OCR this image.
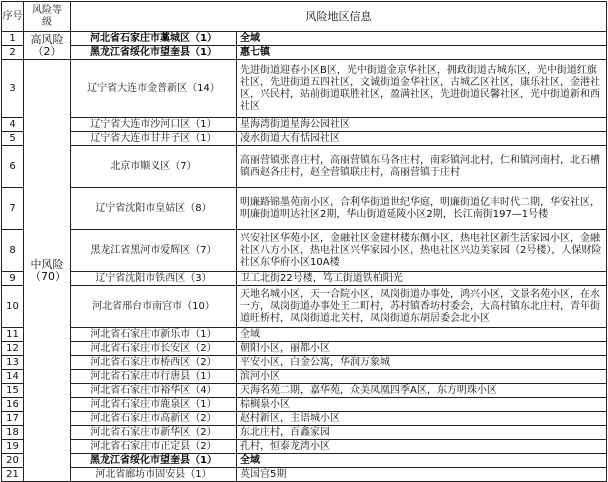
序号	风险等级	风险地区信息	
1	高风险（2）	河北省石家庄市藁城区（1）	全域
2		黑龙江省绥化市望奎县（1）	惠七镇
3	中风险（70）	辽宁省大连市金普新区（14）	先进街道迎春小区B区，光中街道金京华社区，拥政街道古城东区，光中街道红旗社区，先进街道五四社区，文诚街道金华社区，古城乙区社区，康乐社区，金港社区，兴民村，站前街道联胜社区，盈满社区，先进街道民馨社区，光中街道新和西社区
4		辽宁省大连市沙河口区（1）	星海湾街道星海公园社区
5		辽宁省大连市甘井子区（1）	凌水街道大有恬园社区
6		北京市顺义区（7）	高丽营镇张喜庄村，高丽营镇东马各庄村，南彩镇河北村，仁和镇河南村，北石槽镇西赵各庄村，赵全营镇联庄村，高丽营镇于庄村
7		辽宁省沈阳市皇姑区（8）	明廉路锦墨苑南小区，合利华街道世纪华庭，明廉街道亿丰时代二期，华安社区，明廉街道明达社区2期，华山街道延陵小区2期，长江南街197—1号楼
8		黑龙江省黑河市爱辉区（7）	兴安社区华苑小区，金融社区金建材楼东侧小区，热电社区新生活家园小区，金融社区八方小区，热电社区兴华家园小区，热电社区兴边美家园（2号楼），人保财险社区东华府小区10A楼
9		辽宁省沈阳市铁西区（3）	卫工北街22号楼，笃工街道铁柏阳光
10		河北省邢台市南宫市（10）	天地名城小区，天一合院小区，凤岗街道办事处，鸿兴小区，文景名苑小区，在水一方，凤岗街道办事处王二町村，苏村镇香坊村委会，大高村镇东北庄村，青年街道旺桥村，凤岗街道北关村，凤岗街道东胡居委会北小区
11		河北省石家庄市新乐市（1）	全域
12		河北省石家庄市长安区（2）	朝阳小区，丽都小区
13		河北省石家庄市桥西区（2）	平安小区，白金公寓，华润万象城
14		河北省石家庄市行唐县（1）	滨河小区
15		河北省石家庄市裕华区（4）	天海名苑二期，嘉华苑，众美凤凰四季A区，东方明珠小区
16		河北省石家庄市鹿泉区（1）	棕榈泉小区
17		河北省石家庄市高新区（2）	赵村新区，主语城小区
18		河北省石家庄市新华区（2）	东北庄村，百鑫家园
19		河北省石家庄市正定县（2）	孔村，恒泰龙湾小区
20		黑龙江省绥化市望奎县（1）	全域
21		河北省廊坊市固安县（1）	英国宫5期
